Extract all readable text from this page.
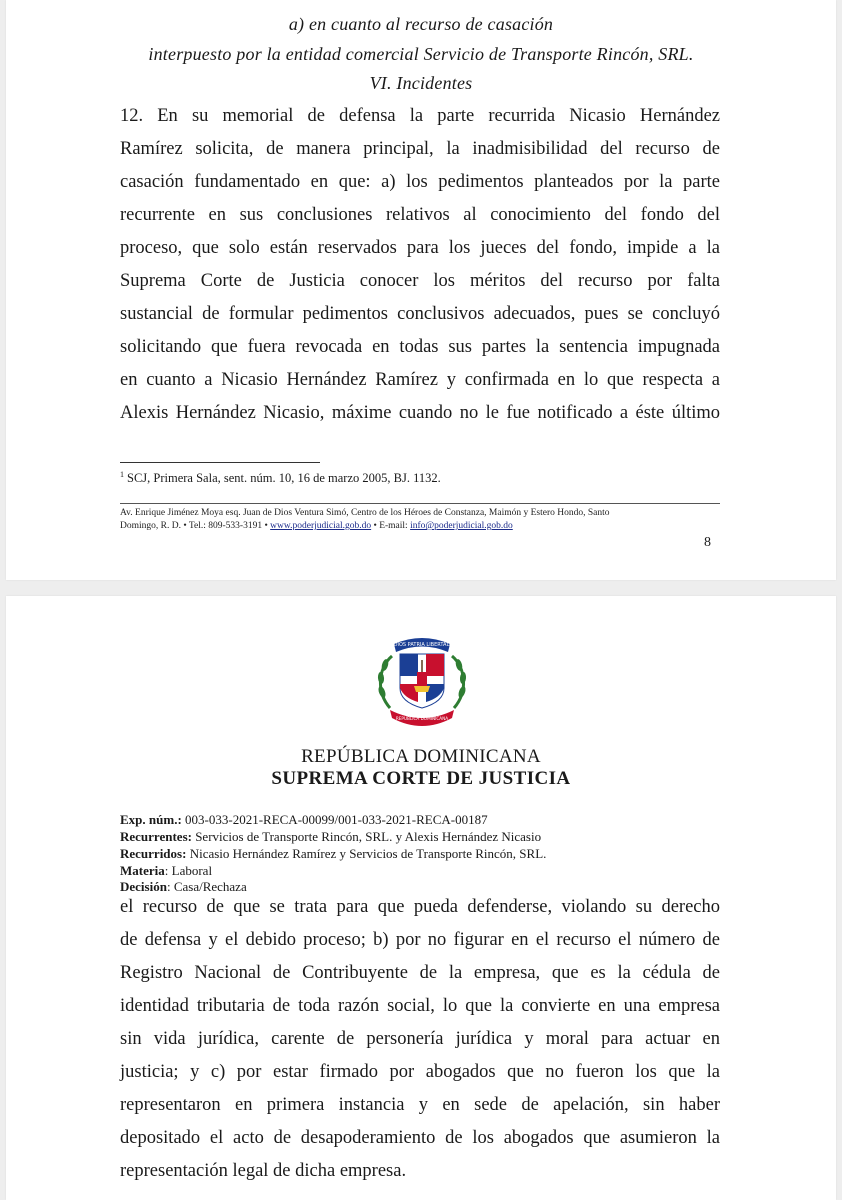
a) en cuanto al recurso de casación
interpuesto por la entidad comercial Servicio de Transporte Rincón, SRL.
VI. Incidentes
12. En su memorial de defensa la parte recurrida Nicasio Hernández
Ramírez solicita, de manera principal, la inadmisibilidad del recurso de
casación fundamentado en que: a) los pedimentos planteados por la parte
recurrente en sus conclusiones relativos al conocimiento del fondo del
proceso, que solo están reservados para los jueces del fondo, impide a la
Suprema Corte de Justicia conocer los méritos del recurso por falta
sustancial de formular pedimentos conclusivos adecuados, pues se concluyó
solicitando que fuera revocada en todas sus partes la sentencia impugnada
en cuanto a Nicasio Hernández Ramírez y confirmada en lo que respecta a
Alexis Hernández Nicasio, máxime cuando no le fue notificado a éste último
$^1$ SCJ, Primera Sala, sent. núm. 10, 16 de marzo 2005, BJ. 1132.
Av. Enrique Jiménez Moya esq. Juan de Dios Ventura Simó, Centro de los Héroes de Constanza, Maimón y Estero Hondo, Santo
Domingo, R. D. • Tel.: 809-533-3191 • www.poderjudicial.gob.do • E-mail: info@poderjudicial.gob.do
8
DIOS PATRIA LIBERTAD
REPUBLICA DOMINICANA
REPÚBLICA DOMINICANA
SUPREMA CORTE DE JUSTICIA
Exp. núm.: 003-033-2021-RECA-00099/001-033-2021-RECA-00187
Recurrentes: Servicios de Transporte Rincón, SRL. y Alexis Hernández Nicasio
Recurridos: Nicasio Hernández Ramírez y Servicios de Transporte Rincón, SRL.
Materia: Laboral
Decisión: Casa/Rechaza
el recurso de que se trata para que pueda defenderse, violando su derecho
de defensa y el debido proceso; b) por no figurar en el recurso el número de
Registro Nacional de Contribuyente de la empresa, que es la cédula de
identidad tributaria de toda razón social, lo que la convierte en una empresa
sin vida jurídica, carente de personería jurídica y moral para actuar en
justicia; y c) por estar firmado por abogados que no fueron los que la
representaron en primera instancia y en sede de apelación, sin haber
depositado el acto de desapoderamiento de los abogados que asumieron la
representación legal de dicha empresa.
